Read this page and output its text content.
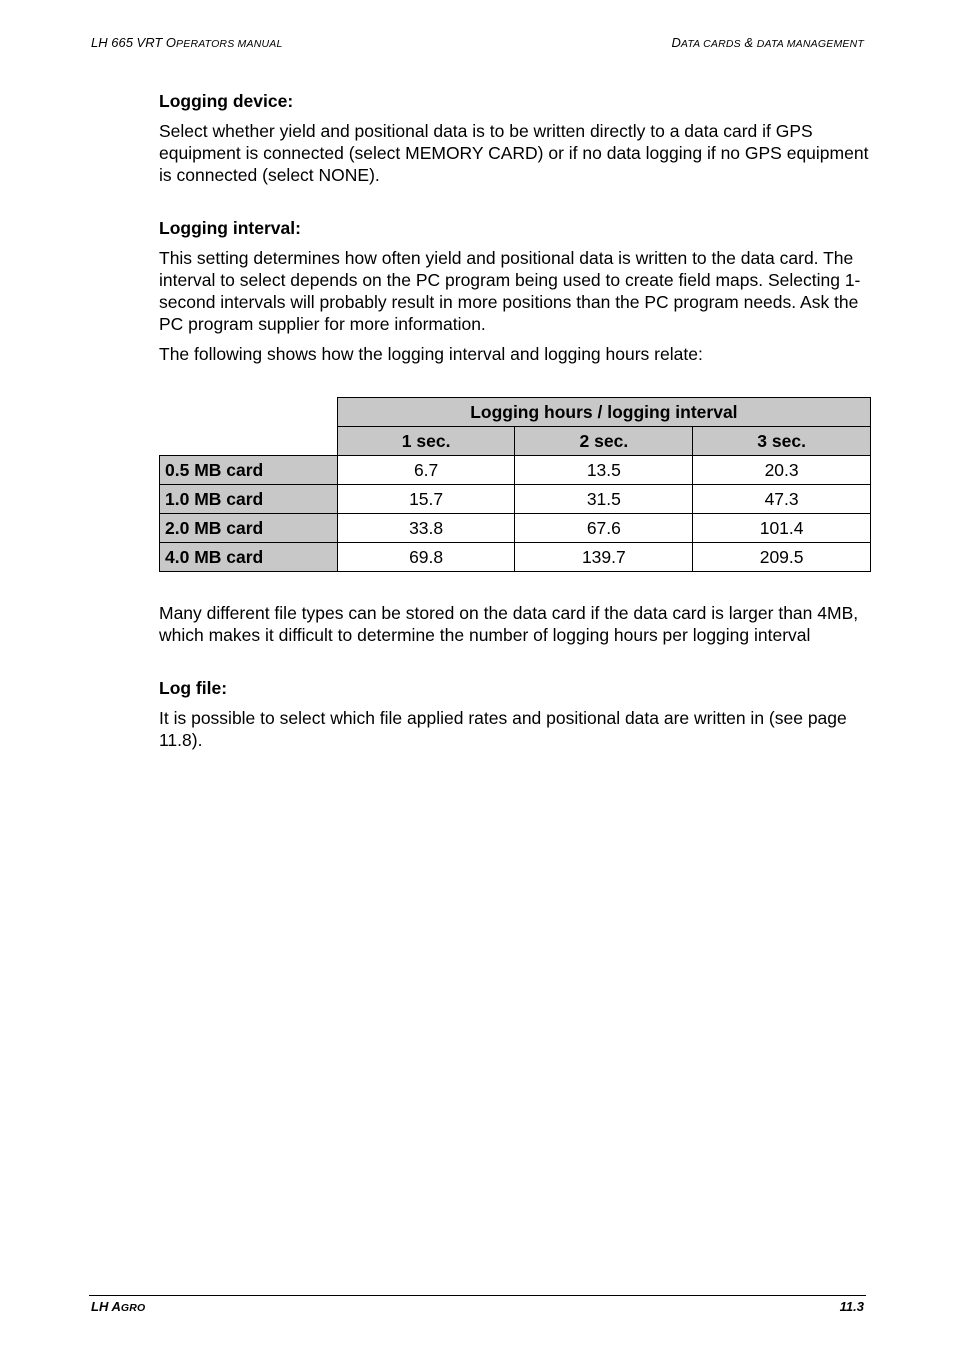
LH 665 VRT OPERATORS MANUAL	DATA CARDS & DATA MANAGEMENT
Logging device:

Select whether yield and positional data is to be written directly to a data card if GPS equipment is connected (select MEMORY CARD) or if no data logging if no GPS equipment is connected (select NONE).

Logging interval:

This setting determines how often yield and positional data is written to the data card. The interval to select depends on the PC program being used to create field maps. Selecting 1-second intervals will probably result in more positions than the PC program needs. Ask the PC program supplier for more information.

The following shows how the logging interval and logging hours relate:

	Logging hours / logging interval		
	1 sec.	2 sec.	3 sec.
0.5 MB card	6.7	13.5	20.3
1.0 MB card	15.7	31.5	47.3
2.0 MB card	33.8	67.6	101.4
4.0 MB card	69.8	139.7	209.5

Many different file types can be stored on the data card if the data card is larger than 4MB, which makes it difficult to determine the number of logging hours per logging interval

Log file:

It is possible to select which file applied rates and positional data are written in (see page 11.8).

LH AGRO	11.3
